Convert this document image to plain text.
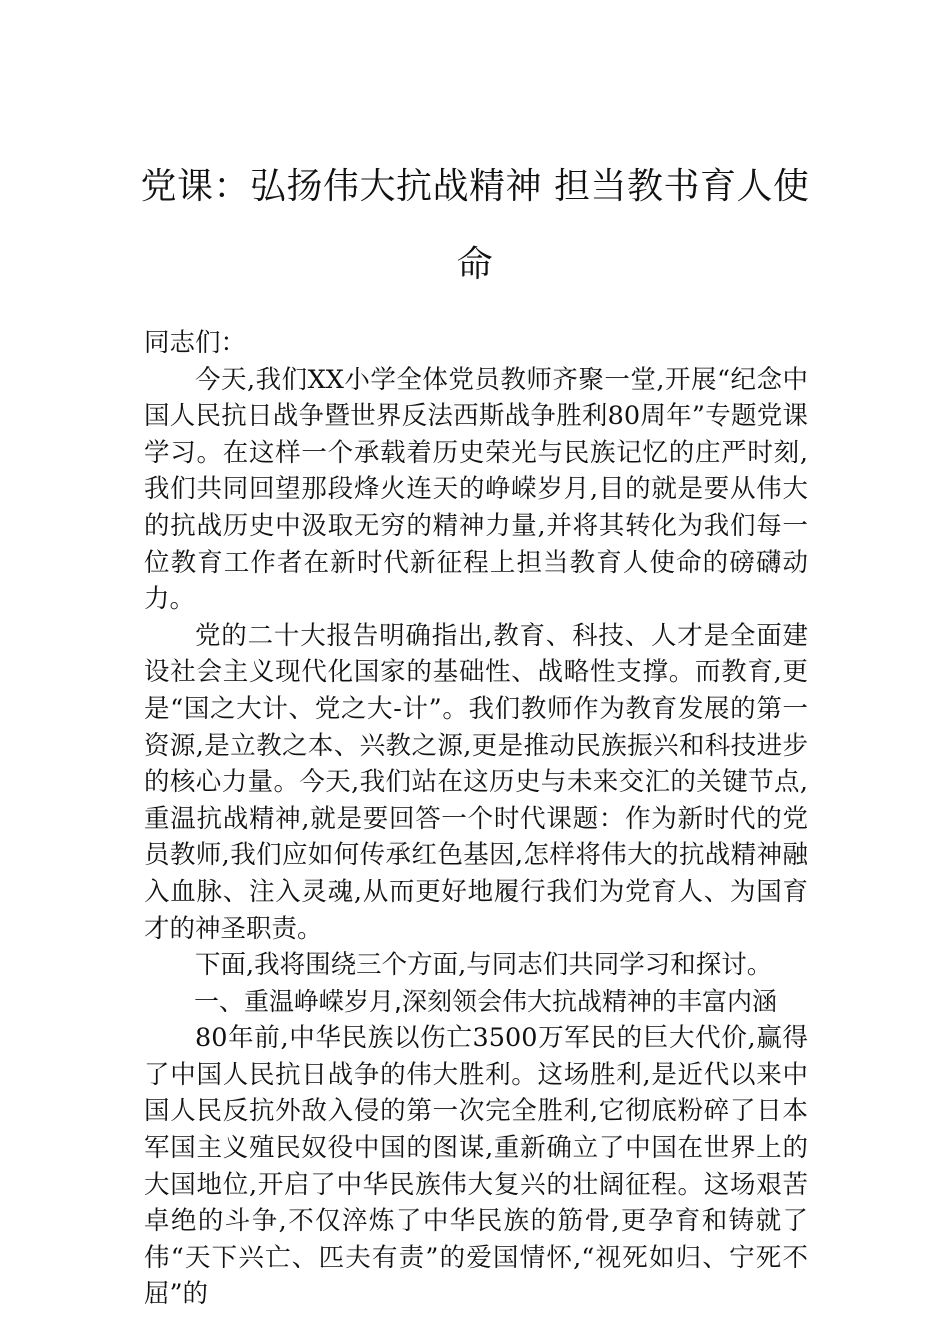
党课：弘扬伟大抗战精神 担当教书育人使
命

同志们：

今天,我们XX小学全体党员教师齐聚一堂,开展“纪念中国人民抗日战争暨世界反法西斯战争胜利80周年”专题党课学习。在这样一个承载着历史荣光与民族记忆的庄严时刻,我们共同回望那段烽火连天的峥嵘岁月,目的就是要从伟大的抗战历史中汲取无穷的精神力量,并将其转化为我们每一位教育工作者在新时代新征程上担当教育人使命的磅礴动力。

党的二十大报告明确指出,教育、科技、人才是全面建设社会主义现代化国家的基础性、战略性支撑。而教育,更是“国之大计、党之大-计”。我们教师作为教育发展的第一资源,是立教之本、兴教之源,更是推动民族振兴和科技进步的核心力量。今天,我们站在这历史与未来交汇的关键节点,重温抗战精神,就是要回答一个时代课题：作为新时代的党员教师,我们应如何传承红色基因,怎样将伟大的抗战精神融入血脉、注入灵魂,从而更好地履行我们为党育人、为国育才的神圣职责。

下面,我将围绕三个方面,与同志们共同学习和探讨。

一、重温峥嵘岁月,深刻领会伟大抗战精神的丰富内涵

80年前,中华民族以伤亡3500万军民的巨大代价,赢得了中国人民抗日战争的伟大胜利。这场胜利,是近代以来中国人民反抗外敌入侵的第一次完全胜利,它彻底粉碎了日本军国主义殖民奴役中国的图谋,重新确立了中国在世界上的大国地位,开启了中华民族伟大复兴的壮阔征程。这场艰苦卓绝的斗争,不仅淬炼了中华民族的筋骨,更孕育和铸就了伟“天下兴亡、匹夫有责”的爱国情怀,“视死如归、宁死不屈”的
